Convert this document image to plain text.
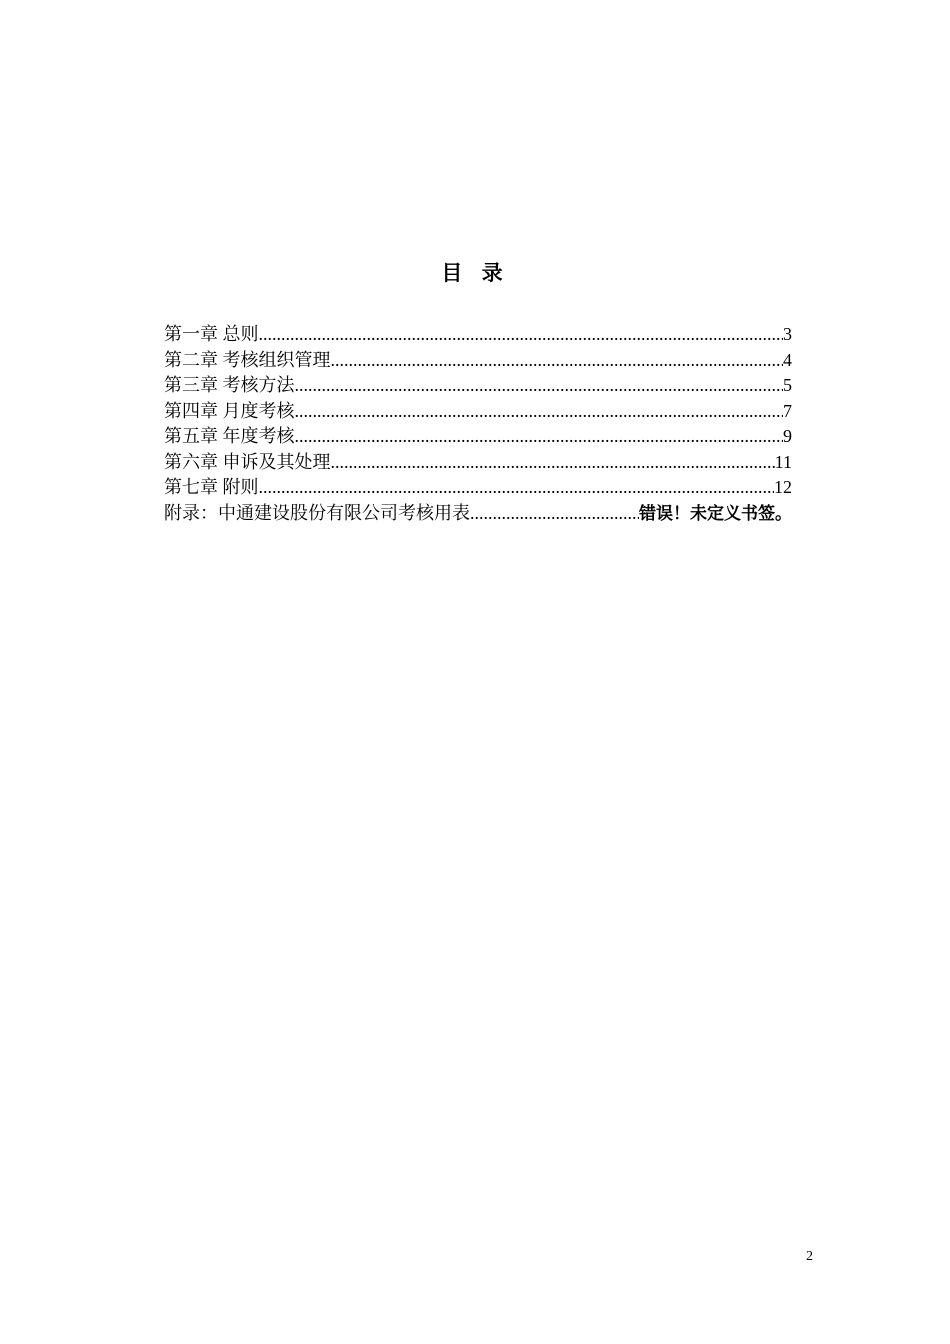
目 录
第一章 总则 .....	3
第二章 考核组织管理 .....	4
第三章 考核方法 .....	5
第四章 月度考核 .....	7
第五章 年度考核 .....	9
第六章 申诉及其处理 .....	11
第七章 附则 .....	12
附录：中通建设股份有限公司考核用表 .....	错误！未定义书签。
2
